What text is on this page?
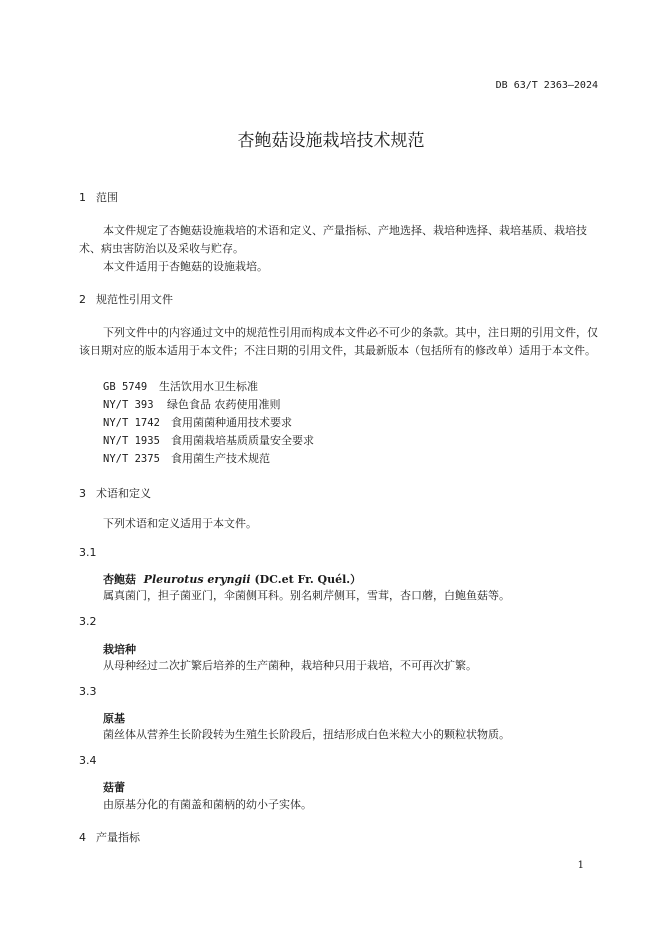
DB 63/T 2363—2024
杏鲍菇设施栽培技术规范
1 范围
本文件规定了杏鲍菇设施栽培的术语和定义、产量指标、产地选择、栽培种选择、栽培基质、栽培技术、病虫害防治以及采收与贮存。
本文件适用于杏鲍菇的设施栽培。
2 规范性引用文件
下列文件中的内容通过文中的规范性引用而构成本文件必不可少的条款。其中，注日期的引用文件，仅该日期对应的版本适用于本文件；不注日期的引用文件，其最新版本（包括所有的修改单）适用于本文件。
GB 5749 生活饮用水卫生标准
NY/T 393 绿色食品 农药使用准则
NY/T 1742 食用菌菌种通用技术要求
NY/T 1935 食用菌栽培基质质量安全要求
NY/T 2375 食用菌生产技术规范
3 术语和定义
下列术语和定义适用于本文件。
3.1
杏鲍菇 Pleurotus eryngii (DC.et Fr. Quél.）
属真菌门，担子菌亚门，伞菌侧耳科。别名刺芹侧耳，雪茸，杏口蘑，白鲍鱼菇等。
3.2
栽培种
从母种经过二次扩繁后培养的生产菌种，栽培种只用于栽培，不可再次扩繁。
3.3
原基
菌丝体从营养生长阶段转为生殖生长阶段后，扭结形成白色米粒大小的颗粒状物质。
3.4
菇蕾
由原基分化的有菌盖和菌柄的幼小子实体。
4 产量指标
1
